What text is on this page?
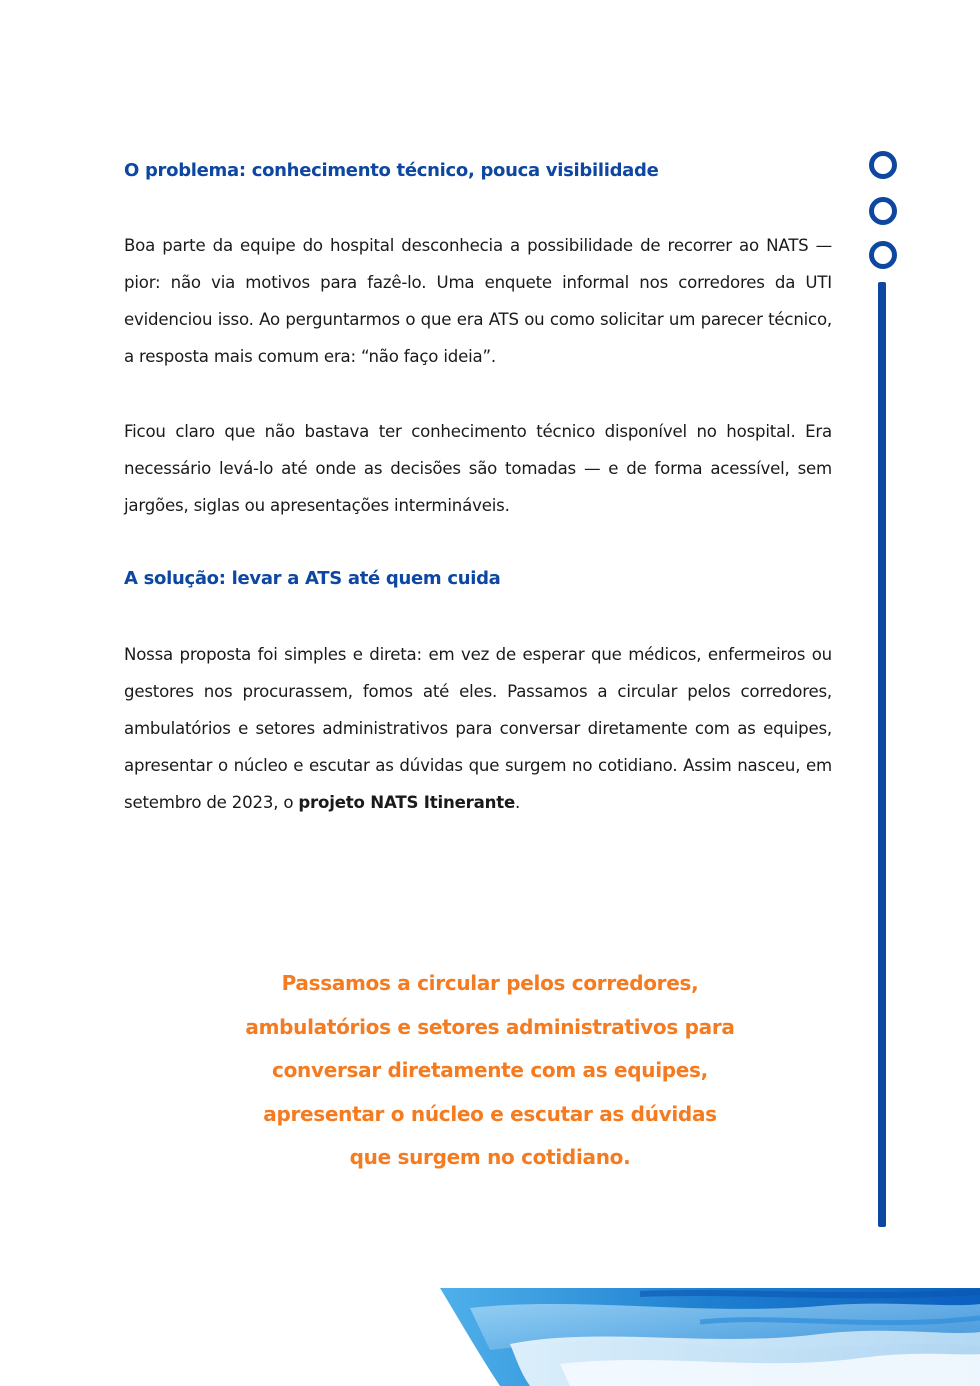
O problema: conhecimento técnico, pouca visibilidade

Boa parte da equipe do hospital desconhecia a possibilidade de recorrer ao NATS — pior: não via motivos para fazê-lo. Uma enquete informal nos corredores da UTI evidenciou isso. Ao perguntarmos o que era ATS ou como solicitar um parecer técnico, a resposta mais comum era: “não faço ideia”.

Ficou claro que não bastava ter conhecimento técnico disponível no hospital. Era necessário levá-lo até onde as decisões são tomadas — e de forma acessível, sem jargões, siglas ou apresentações intermináveis.

A solução: levar a ATS até quem cuida

Nossa proposta foi simples e direta: em vez de esperar que médicos, enfermeiros ou gestores nos procurassem, fomos até eles. Passamos a circular pelos corredores, ambulatórios e setores administrativos para conversar diretamente com as equipes, apresentar o núcleo e escutar as dúvidas que surgem no cotidiano. Assim nasceu, em setembro de 2023, o projeto NATS Itinerante.

Passamos a circular pelos corredores,
ambulatórios e setores administrativos para
conversar diretamente com as equipes,
apresentar o núcleo e escutar as dúvidas
que surgem no cotidiano.
